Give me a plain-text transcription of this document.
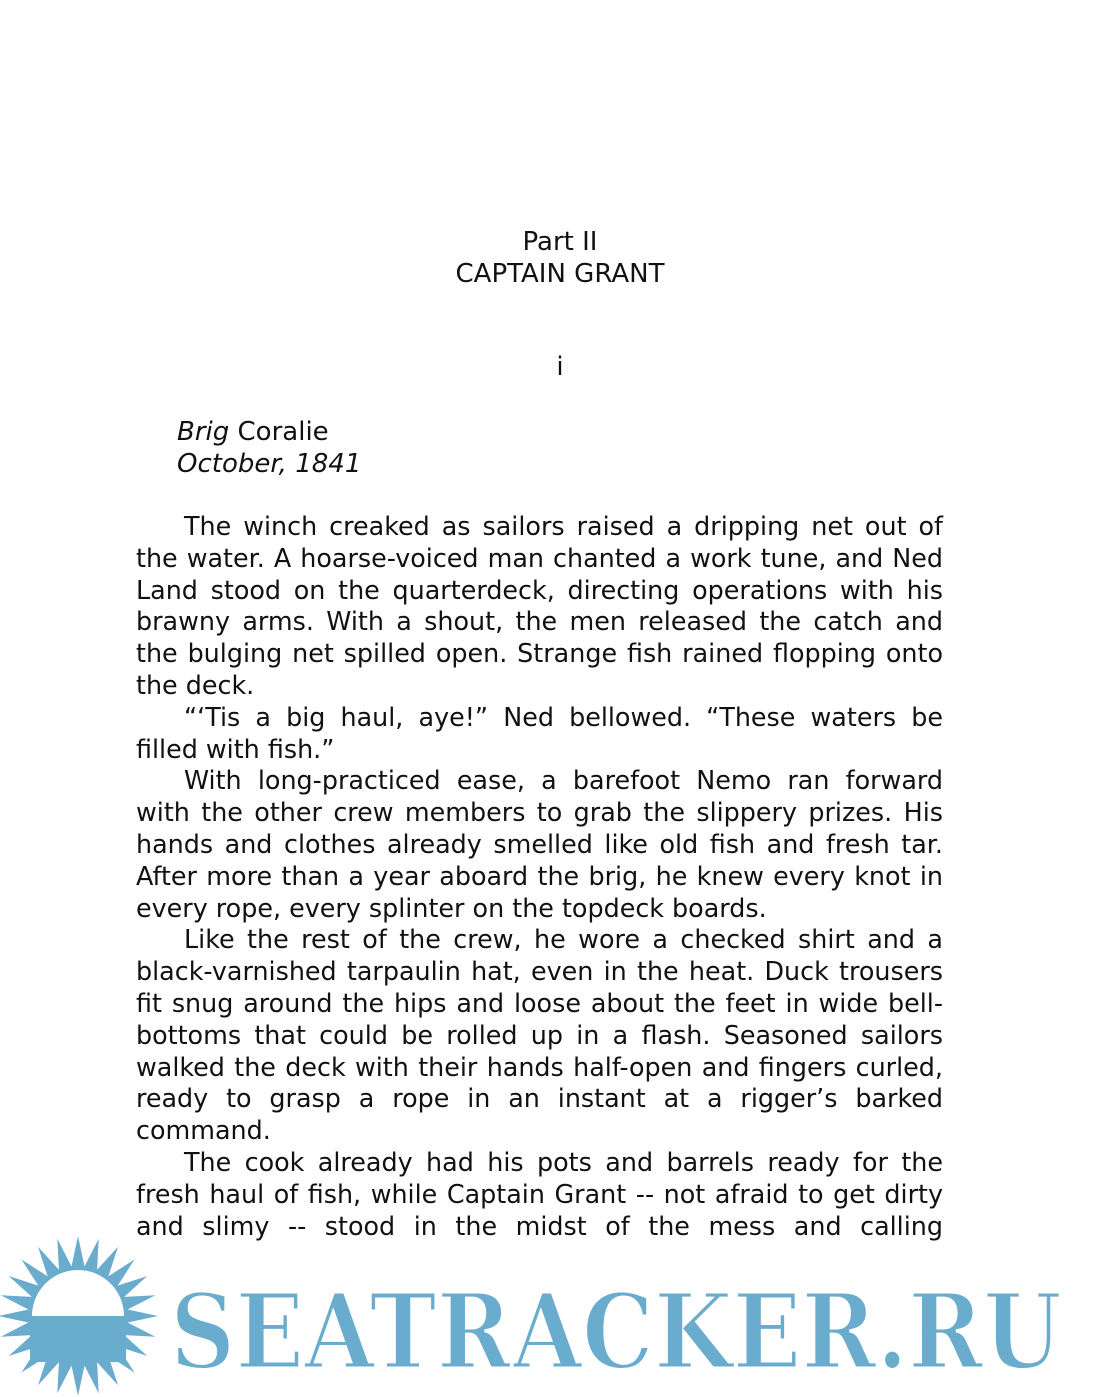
Part II
CAPTAIN GRANT
i
Brig Coralie
October, 1841

The winch creaked as sailors raised a dripping net out of the water. A hoarse-voiced man chanted a work tune, and Ned Land stood on the quarterdeck, directing operations with his brawny arms. With a shout, the men released the catch and the bulging net spilled open. Strange fish rained flopping onto the deck.

“‘Tis a big haul, aye!” Ned bellowed. “These waters be filled with fish.”

With long-practiced ease, a barefoot Nemo ran forward with the other crew members to grab the slippery prizes. His hands and clothes already smelled like old fish and fresh tar. After more than a year aboard the brig, he knew every knot in every rope, every splinter on the topdeck boards.

Like the rest of the crew, he wore a checked shirt and a black-varnished tarpaulin hat, even in the heat. Duck trousers fit snug around the hips and loose about the feet in wide bell-bottoms that could be rolled up in a flash. Seasoned sailors walked the deck with their hands half-open and fingers curled, ready to grasp a rope in an instant at a rigger’s barked command.

The cook already had his pots and barrels ready for the fresh haul of fish, while Captain Grant -- not afraid to get dirty and slimy -- stood in the midst of the mess and calling

SEATRACKER.RU
